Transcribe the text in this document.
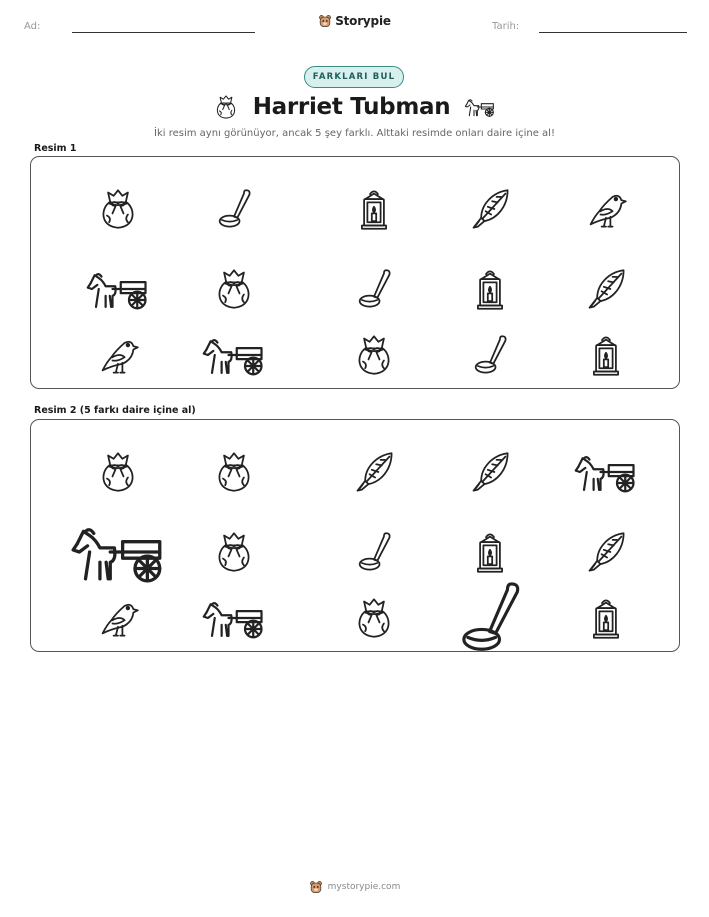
Ad:	Storypie	Tarih:
FARKLARI BUL
Harriet Tubman
İki resim aynı görünüyor, ancak 5 şey farklı. Alttaki resimde onları daire içine al!
Resim 1
Resim 2 (5 farkı daire içine al)
mystorypie.com
